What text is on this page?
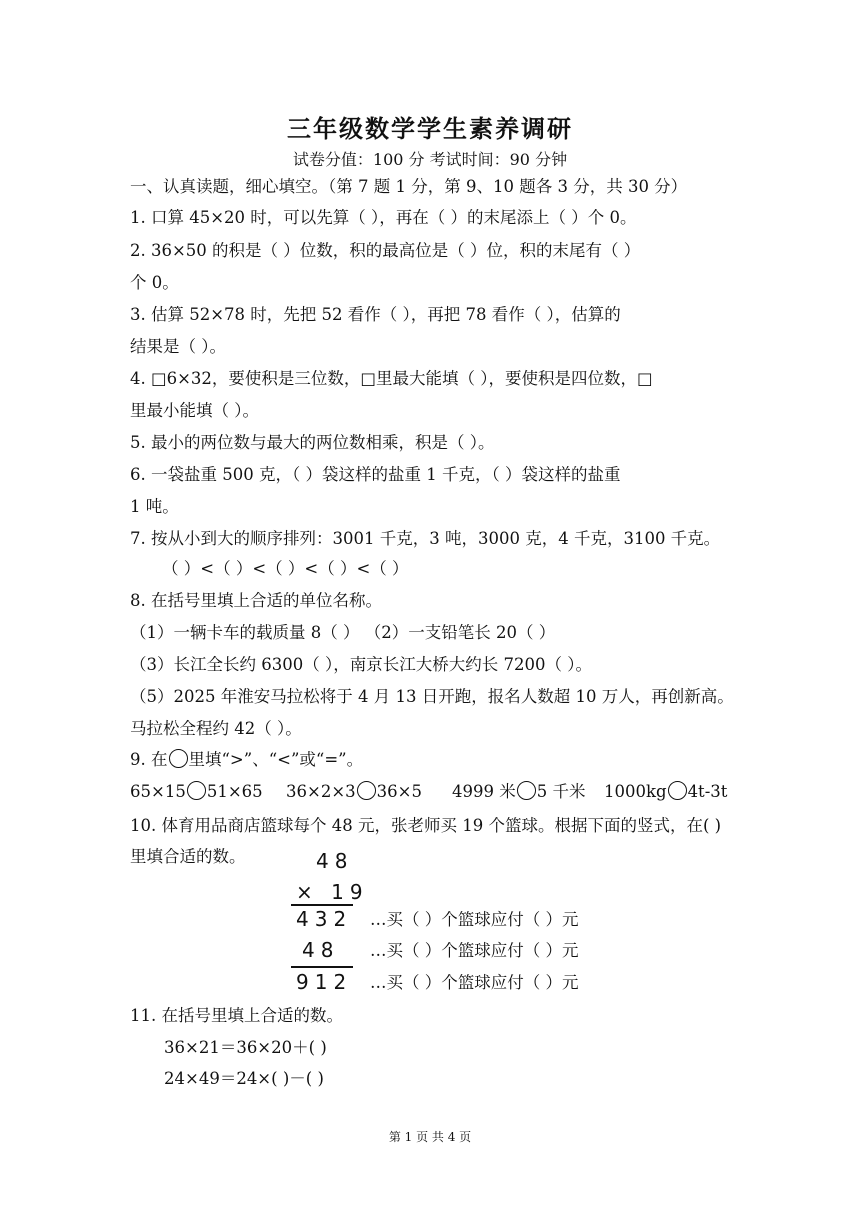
三年级数学学生素养调研
试卷分值：100 分 考试时间：90 分钟
一、认真读题，细心填空。（第 7 题 1 分，第 9、10 题各 3 分，共 30 分）
1. 口算 45×20 时，可以先算（ ），再在（ ）的末尾添上（ ）个 0。
2. 36×50 的积是（ ）位数，积的最高位是（ ）位，积的末尾有（ ）
个 0。
3. 估算 52×78 时，先把 52 看作（ ），再把 78 看作（ ），估算的
结果是（ ）。
4. □6×32，要使积是三位数，□里最大能填（ ），要使积是四位数，□
里最小能填（ ）。
5. 最小的两位数与最大的两位数相乘，积是（ ）。
6. 一袋盐重 500 克，（ ）袋这样的盐重 1 千克，（ ）袋这样的盐重
1 吨。
7. 按从小到大的顺序排列：3001 千克，3 吨，3000 克，4 千克，3100 千克。
（ ）<（ ）<（ ）<（ ）<（ ）
8. 在括号里填上合适的单位名称。
（1）一辆卡车的载质量 8（ ） （2）一支铅笔长 20（ ）
（3）长江全长约 6300（ ），南京长江大桥大约长 7200（ ）。
（5）2025 年淮安马拉松将于 4 月 13 日开跑，报名人数超 10 万人，再创新高。
马拉松全程约 42（ ）。
9. 在 里填“>”、“<”或“=”。
65×15 51×65 36×2×3 36×5 4999 米 5 千米 1000kg 4t-3t
10. 体育用品商店篮球每个 48 元，张老师买 19 个篮球。根据下面的竖式，在( )
里填合适的数。	48
× 19
432
48
912
…买（ ）个篮球应付（ ）元
…买（ ）个篮球应付（ ）元
…买（ ）个篮球应付（ ）元
11. 在括号里填上合适的数。
36×21＝36×20＋( )
24×49＝24×( )－( )
第 1 页 共 4 页
